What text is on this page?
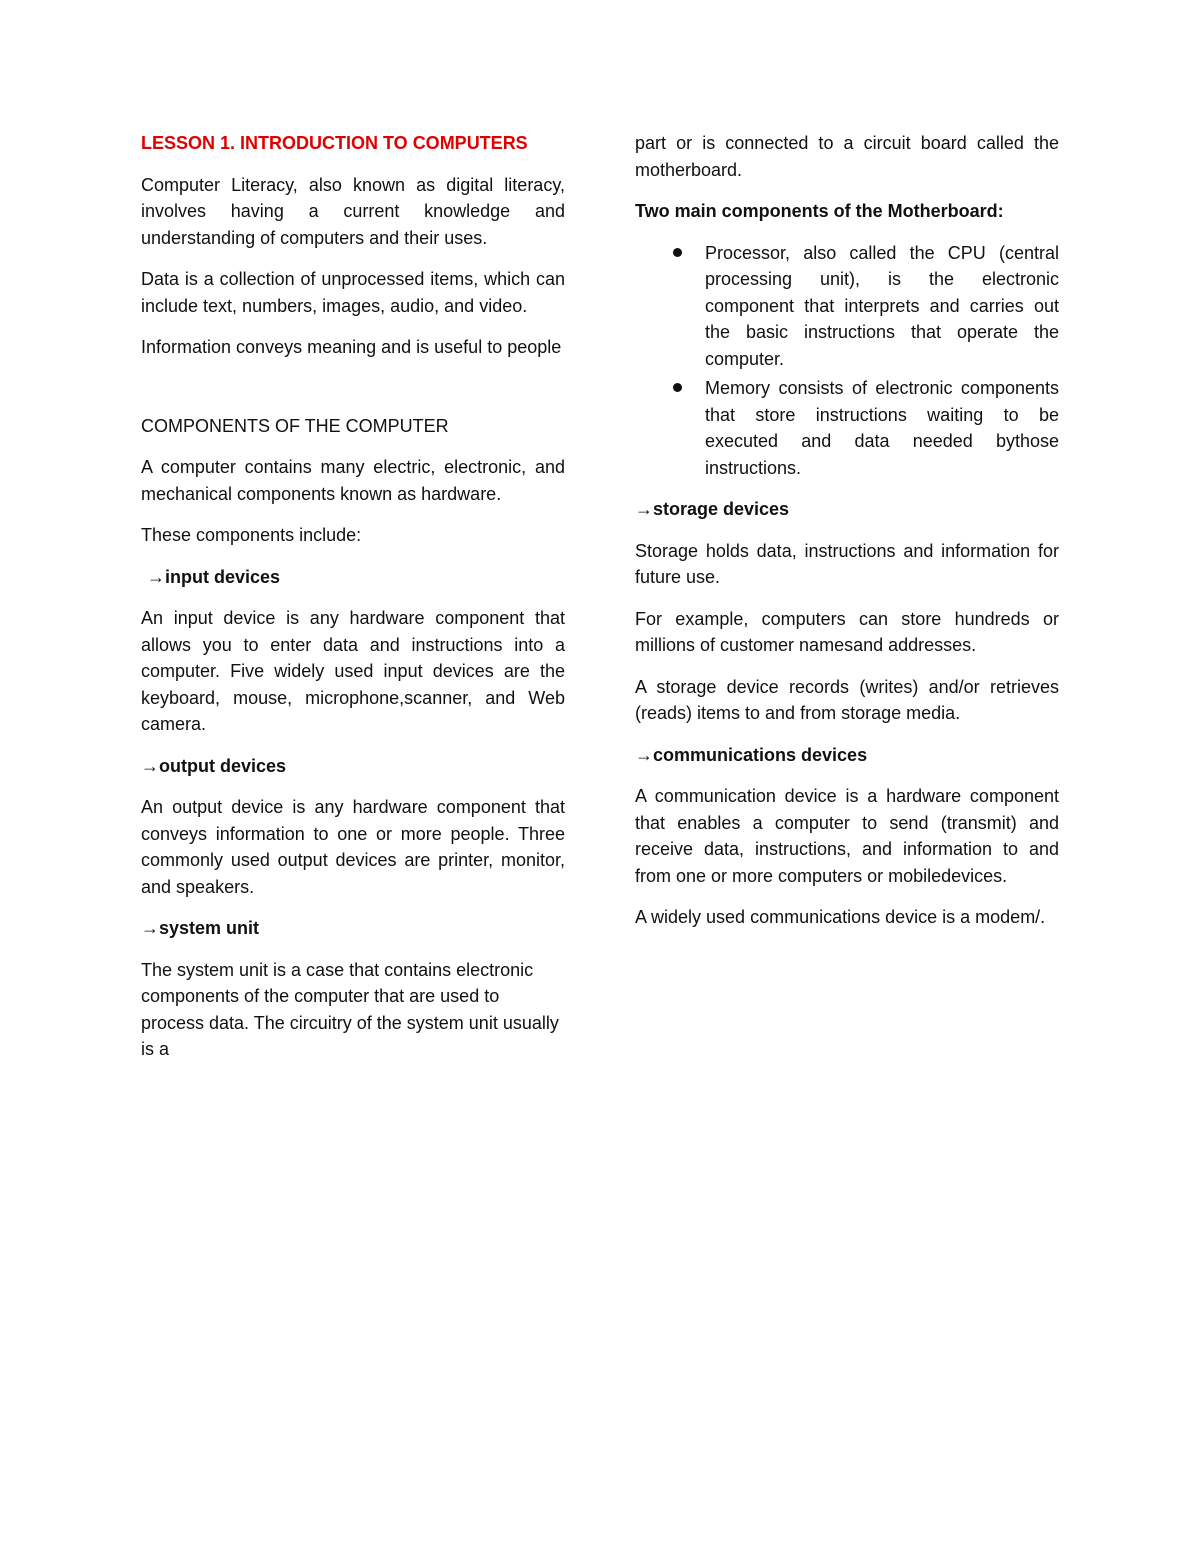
LESSON 1. INTRODUCTION TO COMPUTERS

Computer Literacy, also known as digital literacy, involves having a current knowledge and understanding of computers and their uses.

Data is a collection of unprocessed items, which can include text, numbers, images, audio, and video.

Information conveys meaning and is useful to people

COMPONENTS OF THE COMPUTER

A computer contains many electric, electronic, and mechanical components known as hardware.

These components include:

→input devices

An input device is any hardware component that allows you to enter data and instructions into a computer. Five widely used input devices are the keyboard, mouse, microphone,scanner, and Web camera.

→output devices

An output device is any hardware component that conveys information to one or more people. Three commonly used output devices are printer, monitor, and speakers.

→system unit

The system unit is a case that contains electronic components of the computer that are used to process data. The circuitry of the system unit usually is a

part or is connected to a circuit board called the motherboard.

Two main components of the Motherboard:

Processor, also called the CPU (central processing unit), is the electronic component that interprets and carries out the basic instructions that operate the computer.
Memory consists of electronic components that store instructions waiting to be executed and data needed bythose instructions.

→storage devices

Storage holds data, instructions and information for future use.

For example, computers can store hundreds or millions of customer namesand addresses.

A storage device records (writes) and/or retrieves (reads) items to and from storage media.

→communications devices

A communication device is a hardware component that enables a computer to send (transmit) and receive data, instructions, and information to and from one or more computers or mobiledevices.

A widely used communications device is a modem/.
